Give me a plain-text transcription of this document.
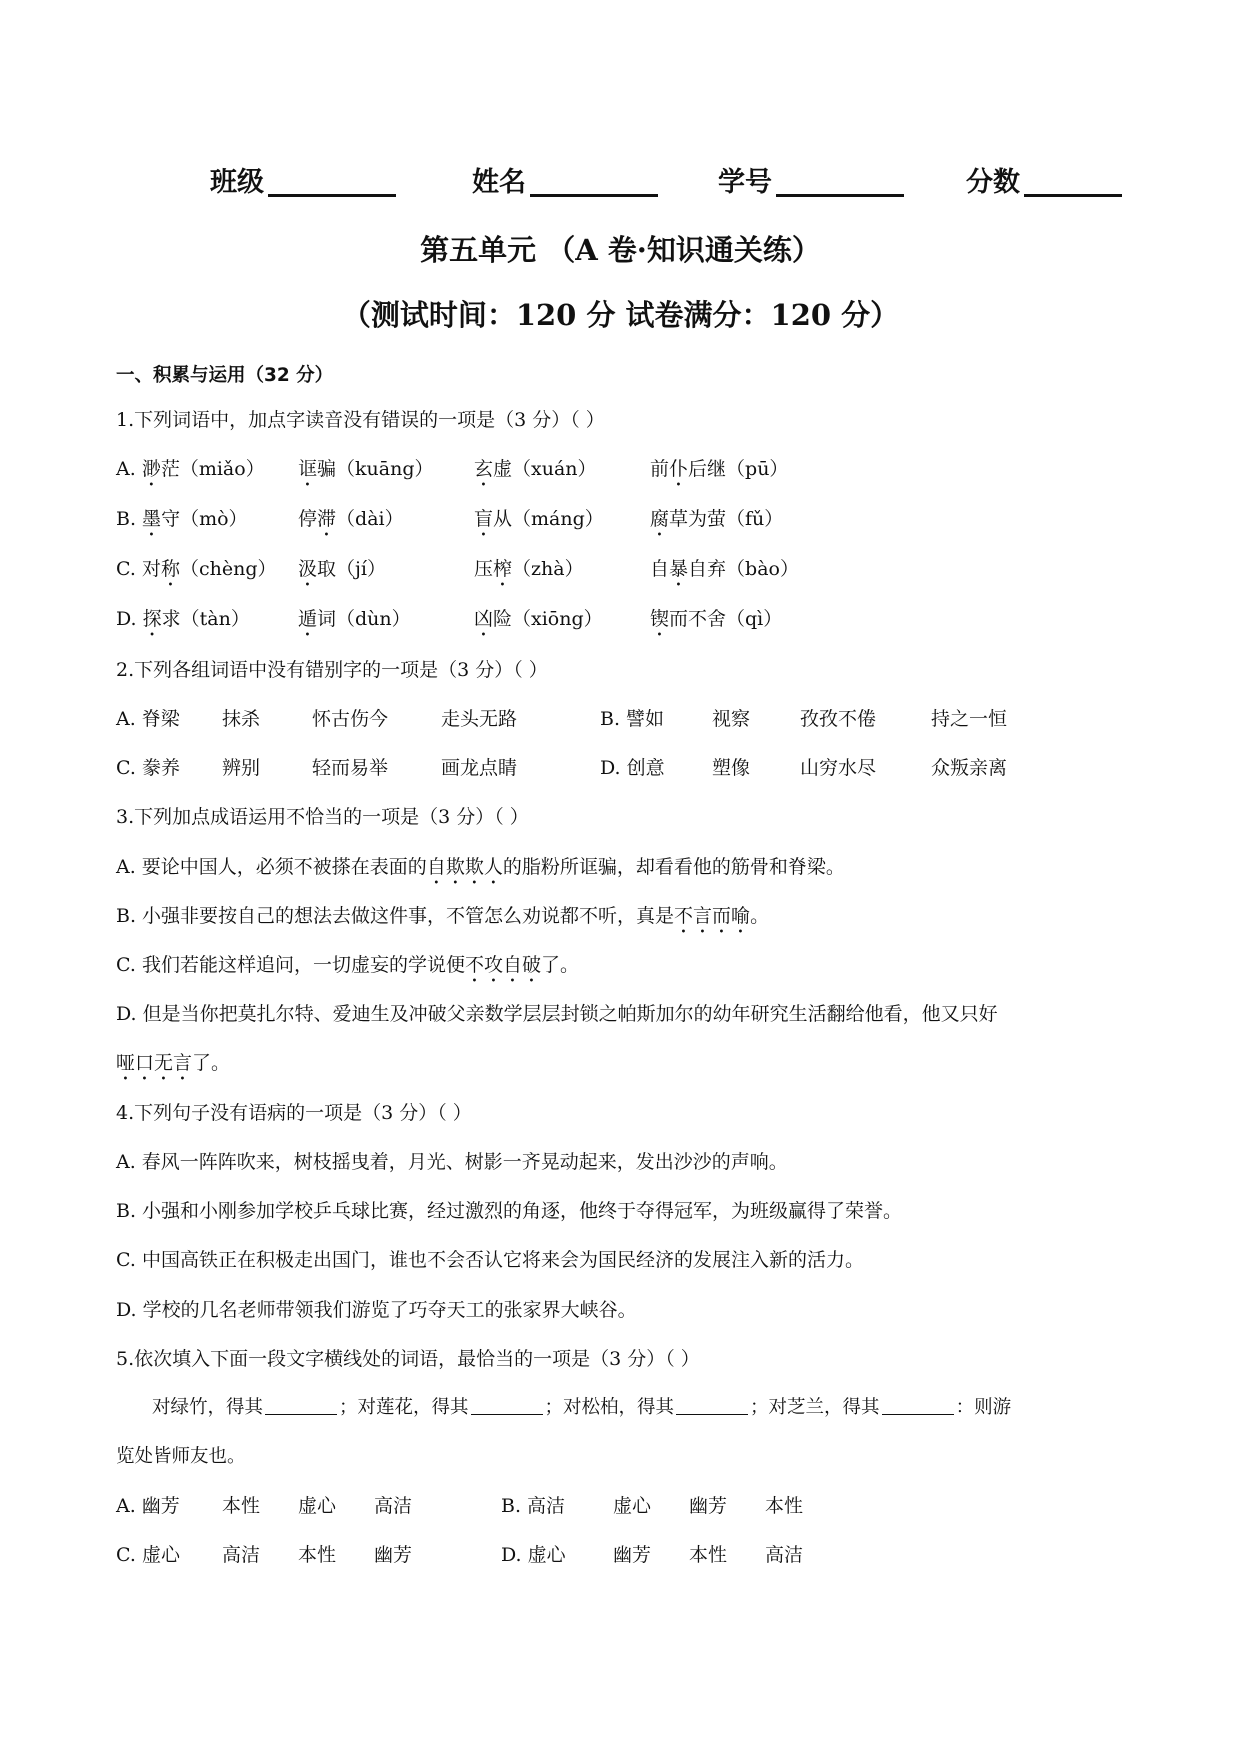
班级	姓名	学号	分数
第五单元 （A 卷·知识通关练）
（测试时间：120 分 试卷满分：120 分）
一、积累与运用（32 分）
1.下列词语中，加点字读音没有错误的一项是（3 分）（ ）
A. 渺茫（miǎo） 诓骗（kuāng） 玄虚（xuán）	前仆后继（pū）
B. 墨守（mò）	停滞（dài）	盲从（máng） 腐草为萤（fǔ）
C. 对称（chèng） 汲取（jí）	压榨（zhà）	自暴自弃（bào）
D. 探求（tàn）	遁词（dùn）	凶险（xiōng） 锲而不舍（qì）
2.下列各组词语中没有错别字的一项是（3 分）（ ）
A. 脊梁 抹杀	怀古伤今	走头无路	B. 譬如	视察	孜孜不倦	持之一恒
C. 豢养 辨别	轻而易举	画龙点睛	D. 创意 塑像	山穷水尽	众叛亲离
3.下列加点成语运用不恰当的一项是（3 分）（ ）
A. 要论中国人，必须不被搽在表面的自欺欺人的脂粉所诓骗，却看看他的筋骨和脊梁。
B. 小强非要按自己的想法去做这件事，不管怎么劝说都不听，真是不言而喻。
C. 我们若能这样追问，一切虚妄的学说便不攻自破了。
D. 但是当你把莫扎尔特、爱迪生及冲破父亲数学层层封锁之帕斯加尔的幼年研究生活翻给他看，他又只好
哑口无言了。
4.下列句子没有语病的一项是（3 分）（ ）
A. 春风一阵阵吹来，树枝摇曳着，月光、树影一齐晃动起来，发出沙沙的声响。
B. 小强和小刚参加学校乒乓球比赛，经过激烈的角逐，他终于夺得冠军，为班级赢得了荣誉。
C. 中国高铁正在积极走出国门，谁也不会否认它将来会为国民经济的发展注入新的活力。
D. 学校的几名老师带领我们游览了巧夺天工的张家界大峡谷。
5.依次填入下面一段文字横线处的词语，最恰当的一项是（3 分）（ ）
对绿竹，得其	；对莲花，得其	；对松柏，得其	；对芝兰，得其	：则游
览处皆师友也。
A. 幽芳 本性 虚心 高洁	B. 高洁	虚心 幽芳 本性
C. 虚心 高洁 本性 幽芳	D. 虚心 幽芳 本性 高洁
